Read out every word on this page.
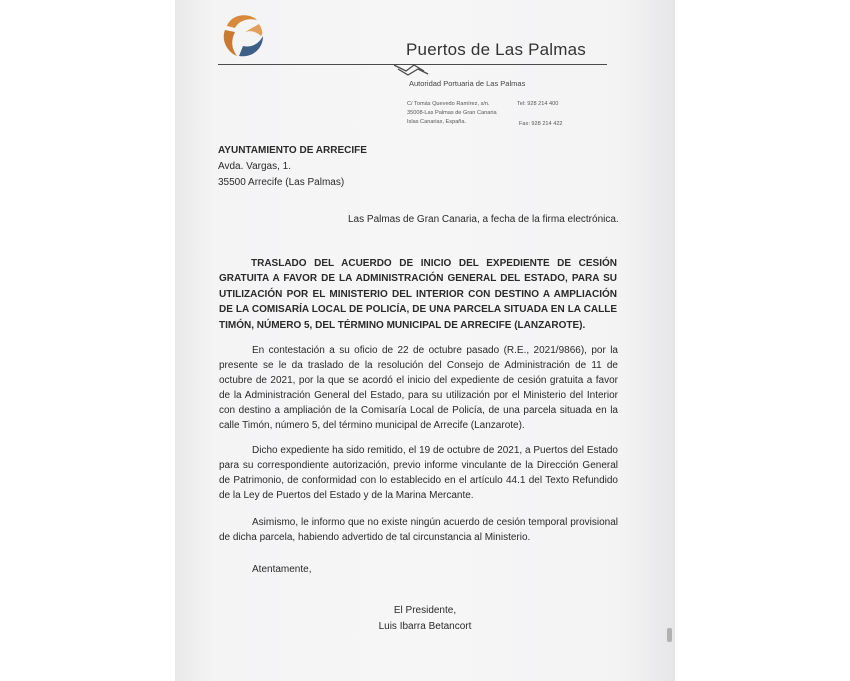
Puertos de Las Palmas
Autoridad Portuaria de Las Palmas
C/ Tomás Quevedo Ramírez, s/n.
35008-Las Palmas de Gran Canaria
Islas Canarias, España.
Tel: 928 214 400
Fax: 928 214 422
AYUNTAMIENTO DE ARRECIFE
Avda. Vargas, 1.
35500 Arrecife (Las Palmas)
Las Palmas de Gran Canaria, a fecha de la firma electrónica.
TRASLADO DEL ACUERDO DE INICIO DEL EXPEDIENTE DE CESIÓN GRATUITA A FAVOR DE LA ADMINISTRACIÓN GENERAL DEL ESTADO, PARA SU UTILIZACIÓN POR EL MINISTERIO DEL INTERIOR CON DESTINO A AMPLIACIÓN DE LA COMISARÍA LOCAL DE POLICÍA, DE UNA PARCELA SITUADA EN LA CALLE TIMÓN, NÚMERO 5, DEL TÉRMINO MUNICIPAL DE ARRECIFE (LANZAROTE).
En contestación a su oficio de 22 de octubre pasado (R.E., 2021/9866), por la presente se le da traslado de la resolución del Consejo de Administración de 11 de octubre de 2021, por la que se acordó el inicio del expediente de cesión gratuita a favor de la Administración General del Estado, para su utilización por el Ministerio del Interior con destino a ampliación de la Comisaría Local de Policía, de una parcela situada en la calle Timón, número 5, del término municipal de Arrecife (Lanzarote).
Dicho expediente ha sido remitido, el 19 de octubre de 2021, a Puertos del Estado para su correspondiente autorización, previo informe vinculante de la Dirección General de Patrimonio, de conformidad con lo establecido en el artículo 44.1 del Texto Refundido de la Ley de Puertos del Estado y de la Marina Mercante.
Asimismo, le informo que no existe ningún acuerdo de cesión temporal provisional de dicha parcela, habiendo advertido de tal circunstancia al Ministerio.
Atentamente,
El Presidente,
Luis Ibarra Betancort
